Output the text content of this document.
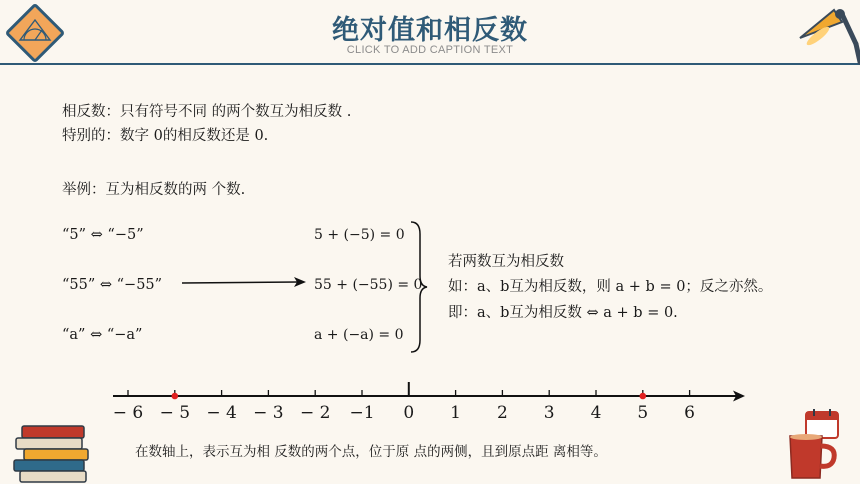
绝对值和相反数
CLICK TO ADD CAPTION TEXT
相反数：只有符号不同 的两个数互为相反数 .
特别的：数字 0的相反数还是 0.
举例：互为相反数的两 个数.
“5” ⇔ “−5”	5 + (−5) = 0
“55” ⇔ “−55”	55 + (−55) = 0
“a” ⇔ “−a”	a + (−a) = 0
若两数互为相反数
如：a、b互为相反数，则 a + b = 0；反之亦然。
即：a、b互为相反数 ⇔ a + b = 0.
− 6 − 5 − 4 − 3 − 2	−1	0	1	2	3	4	5	6
在数轴上，表示互为相 反数的两个点，位于原 点的两侧，且到原点距 离相等。
